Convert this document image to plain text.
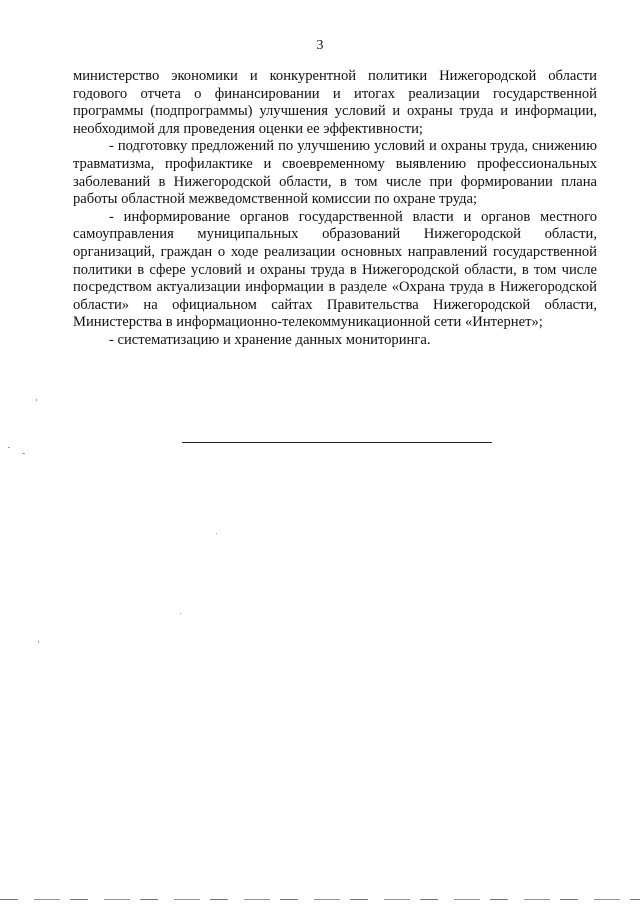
3

министерство экономики и конкурентной политики Нижегородской области годового отчета о финансировании и итогах реализации государственной программы (подпрограммы) улучшения условий и охраны труда и информации, необходимой для проведения оценки ее эффективности;

- подготовку предложений по улучшению условий и охраны труда, снижению травматизма, профилактике и своевременному выявлению профессиональных заболеваний в Нижегородской области, в том числе при формировании плана работы областной межведомственной комиссии по охране труда;

- информирование органов государственной власти и органов местного самоуправления муниципальных образований Нижегородской области, организаций, граждан о ходе реализации основных направлений государственной политики в сфере условий и охраны труда в Нижегородской области, в том числе посредством актуализации информации в разделе «Охрана труда в Нижегородской области» на официальном сайтах Правительства Нижегородской области, Министерства в информационно-телекоммуникационной сети «Интернет»;

- систематизацию и хранение данных мониторинга.
